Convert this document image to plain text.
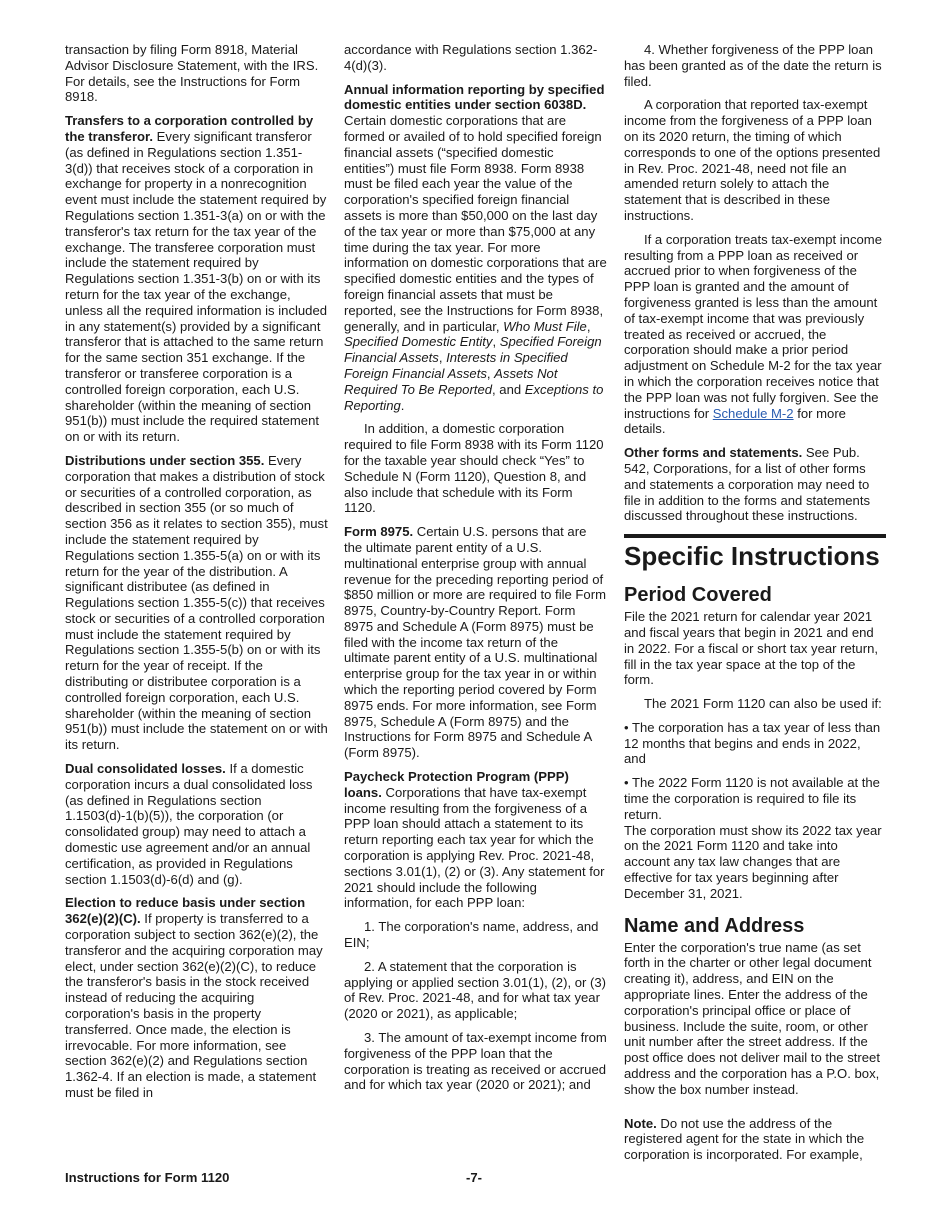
transaction by filing Form 8918, Material Advisor Disclosure Statement, with the IRS. For details, see the Instructions for Form 8918.

Transfers to a corporation controlled by the transferor. Every significant transferor (as defined in Regulations section 1.351-3(d)) that receives stock of a corporation in exchange for property in a nonrecognition event must include the statement required by Regulations section 1.351-3(a) on or with the transferor's tax return for the tax year of the exchange. The transferee corporation must include the statement required by Regulations section 1.351-3(b) on or with its return for the tax year of the exchange, unless all the required information is included in any statement(s) provided by a significant transferor that is attached to the same return for the same section 351 exchange. If the transferor or transferee corporation is a controlled foreign corporation, each U.S. shareholder (within the meaning of section 951(b)) must include the required statement on or with its return.

Distributions under section 355. Every corporation that makes a distribution of stock or securities of a controlled corporation, as described in section 355 (or so much of section 356 as it relates to section 355), must include the statement required by Regulations section 1.355-5(a) on or with its return for the year of the distribution. A significant distributee (as defined in Regulations section 1.355-5(c)) that receives stock or securities of a controlled corporation must include the statement required by Regulations section 1.355-5(b) on or with its return for the year of receipt. If the distributing or distributee corporation is a controlled foreign corporation, each U.S. shareholder (within the meaning of section 951(b)) must include the statement on or with its return.

Dual consolidated losses. If a domestic corporation incurs a dual consolidated loss (as defined in Regulations section 1.1503(d)-1(b)(5)), the corporation (or consolidated group) may need to attach a domestic use agreement and/or an annual certification, as provided in Regulations section 1.1503(d)-6(d) and (g).

Election to reduce basis under section 362(e)(2)(C). If property is transferred to a corporation subject to section 362(e)(2), the transferor and the acquiring corporation may elect, under section 362(e)(2)(C), to reduce the transferor's basis in the stock received instead of reducing the acquiring corporation's basis in the property transferred. Once made, the election is irrevocable. For more information, see section 362(e)(2) and Regulations section 1.362-4. If an election is made, a statement must be filed in

accordance with Regulations section 1.362-4(d)(3).

Annual information reporting by specified domestic entities under section 6038D. Certain domestic corporations that are formed or availed of to hold specified foreign financial assets (“specified domestic entities”) must file Form 8938. Form 8938 must be filed each year the value of the corporation's specified foreign financial assets is more than $50,000 on the last day of the tax year or more than $75,000 at any time during the tax year. For more information on domestic corporations that are specified domestic entities and the types of foreign financial assets that must be reported, see the Instructions for Form 8938, generally, and in particular, Who Must File, Specified Domestic Entity, Specified Foreign Financial Assets, Interests in Specified Foreign Financial Assets, Assets Not Required To Be Reported, and Exceptions to Reporting.

In addition, a domestic corporation required to file Form 8938 with its Form 1120 for the taxable year should check “Yes” to Schedule N (Form 1120), Question 8, and also include that schedule with its Form 1120.

Form 8975. Certain U.S. persons that are the ultimate parent entity of a U.S. multinational enterprise group with annual revenue for the preceding reporting period of $850 million or more are required to file Form 8975, Country-by-Country Report. Form 8975 and Schedule A (Form 8975) must be filed with the income tax return of the ultimate parent entity of a U.S. multinational enterprise group for the tax year in or within which the reporting period covered by Form 8975 ends. For more information, see Form 8975, Schedule A (Form 8975) and the Instructions for Form 8975 and Schedule A (Form 8975).

Paycheck Protection Program (PPP) loans. Corporations that have tax-exempt income resulting from the forgiveness of a PPP loan should attach a statement to its return reporting each tax year for which the corporation is applying Rev. Proc. 2021-48, sections 3.01(1), (2) or (3). Any statement for 2021 should include the following information, for each PPP loan:

1. The corporation's name, address, and EIN;

2. A statement that the corporation is applying or applied section 3.01(1), (2), or (3) of Rev. Proc. 2021-48, and for what tax year (2020 or 2021), as applicable;

3. The amount of tax-exempt income from forgiveness of the PPP loan that the corporation is treating as received or accrued and for which tax year (2020 or 2021); and

4. Whether forgiveness of the PPP loan has been granted as of the date the return is filed.

A corporation that reported tax-exempt income from the forgiveness of a PPP loan on its 2020 return, the timing of which corresponds to one of the options presented in Rev. Proc. 2021-48, need not file an amended return solely to attach the statement that is described in these instructions.

If a corporation treats tax-exempt income resulting from a PPP loan as received or accrued prior to when forgiveness of the PPP loan is granted and the amount of forgiveness granted is less than the amount of tax-exempt income that was previously treated as received or accrued, the corporation should make a prior period adjustment on Schedule M-2 for the tax year in which the corporation receives notice that the PPP loan was not fully forgiven. See the instructions for Schedule M-2 for more details.

Other forms and statements. See Pub. 542, Corporations, for a list of other forms and statements a corporation may need to file in addition to the forms and statements discussed throughout these instructions.

Specific Instructions
Period Covered

File the 2021 return for calendar year 2021 and fiscal years that begin in 2021 and end in 2022. For a fiscal or short tax year return, fill in the tax year space at the top of the form.

The 2021 Form 1120 can also be used if:

• The corporation has a tax year of less than 12 months that begins and ends in 2022, and
• The 2022 Form 1120 is not available at the time the corporation is required to file its return.

The corporation must show its 2022 tax year on the 2021 Form 1120 and take into account any tax law changes that are effective for tax years beginning after December 31, 2021.

Name and Address

Enter the corporation's true name (as set forth in the charter or other legal document creating it), address, and EIN on the appropriate lines. Enter the address of the corporation's principal office or place of business. Include the suite, room, or other unit number after the street address. If the post office does not deliver mail to the street address and the corporation has a P.O. box, show the box number instead.

Note. Do not use the address of the registered agent for the state in which the corporation is incorporated. For example,

Instructions for Form 1120	-7-
